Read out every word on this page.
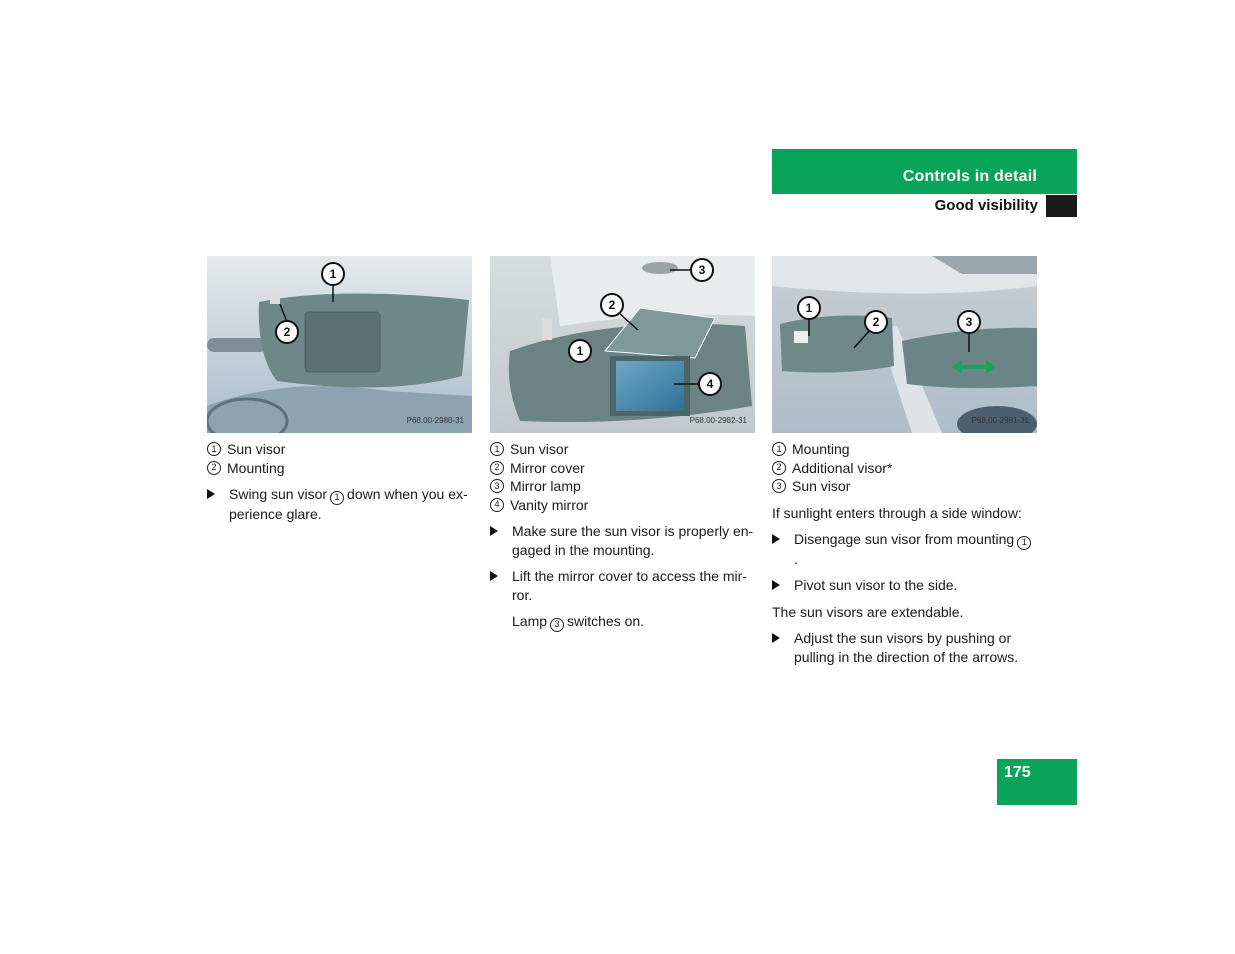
Controls in detail
Good visibility
1
2
P68.00-2980-31
1 Sun visor
2 Mounting
Swing sun visor 1 down when you ex-
perience glare.
3
2
1
4
P68.00-2982-31
1 Sun visor
2 Mirror cover
3 Mirror lamp
4 Vanity mirror
Make sure the sun visor is properly en-
gaged in the mounting.
Lift the mirror cover to access the mir-
ror.
Lamp 3 switches on.
1
2	3
P68.00-2981-31
1 Mounting
2 Additional visor*
3 Sun visor
If sunlight enters through a side window:
Disengage sun visor from mounting 1.
Pivot sun visor to the side.
The sun visors are extendable.
Adjust the sun visors by pushing or
pulling in the direction of the arrows.
175
